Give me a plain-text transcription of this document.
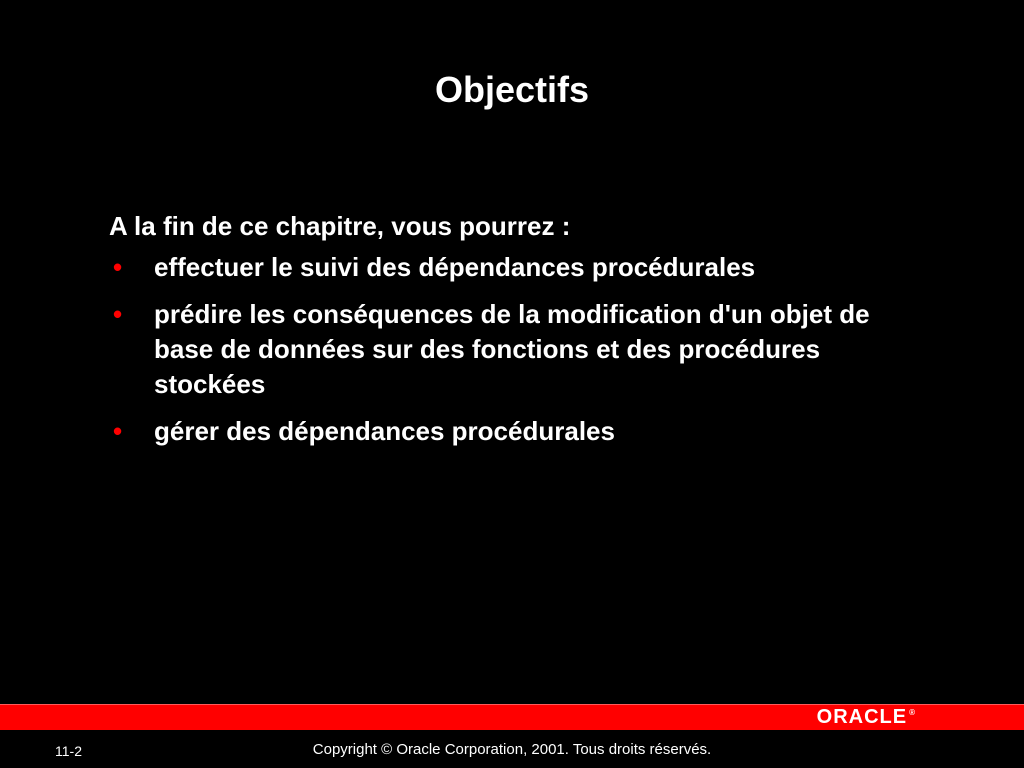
Objectifs

A la fin de ce chapitre, vous pourrez :

• effectuer le suivi des dépendances procédurales
• prédire les conséquences de la modification d'un objet de base de données sur des fonctions et des procédures stockées
• gérer des dépendances procédurales
ORACLE ®
11-2	Copyright © Oracle Corporation, 2001. Tous droits réservés.
